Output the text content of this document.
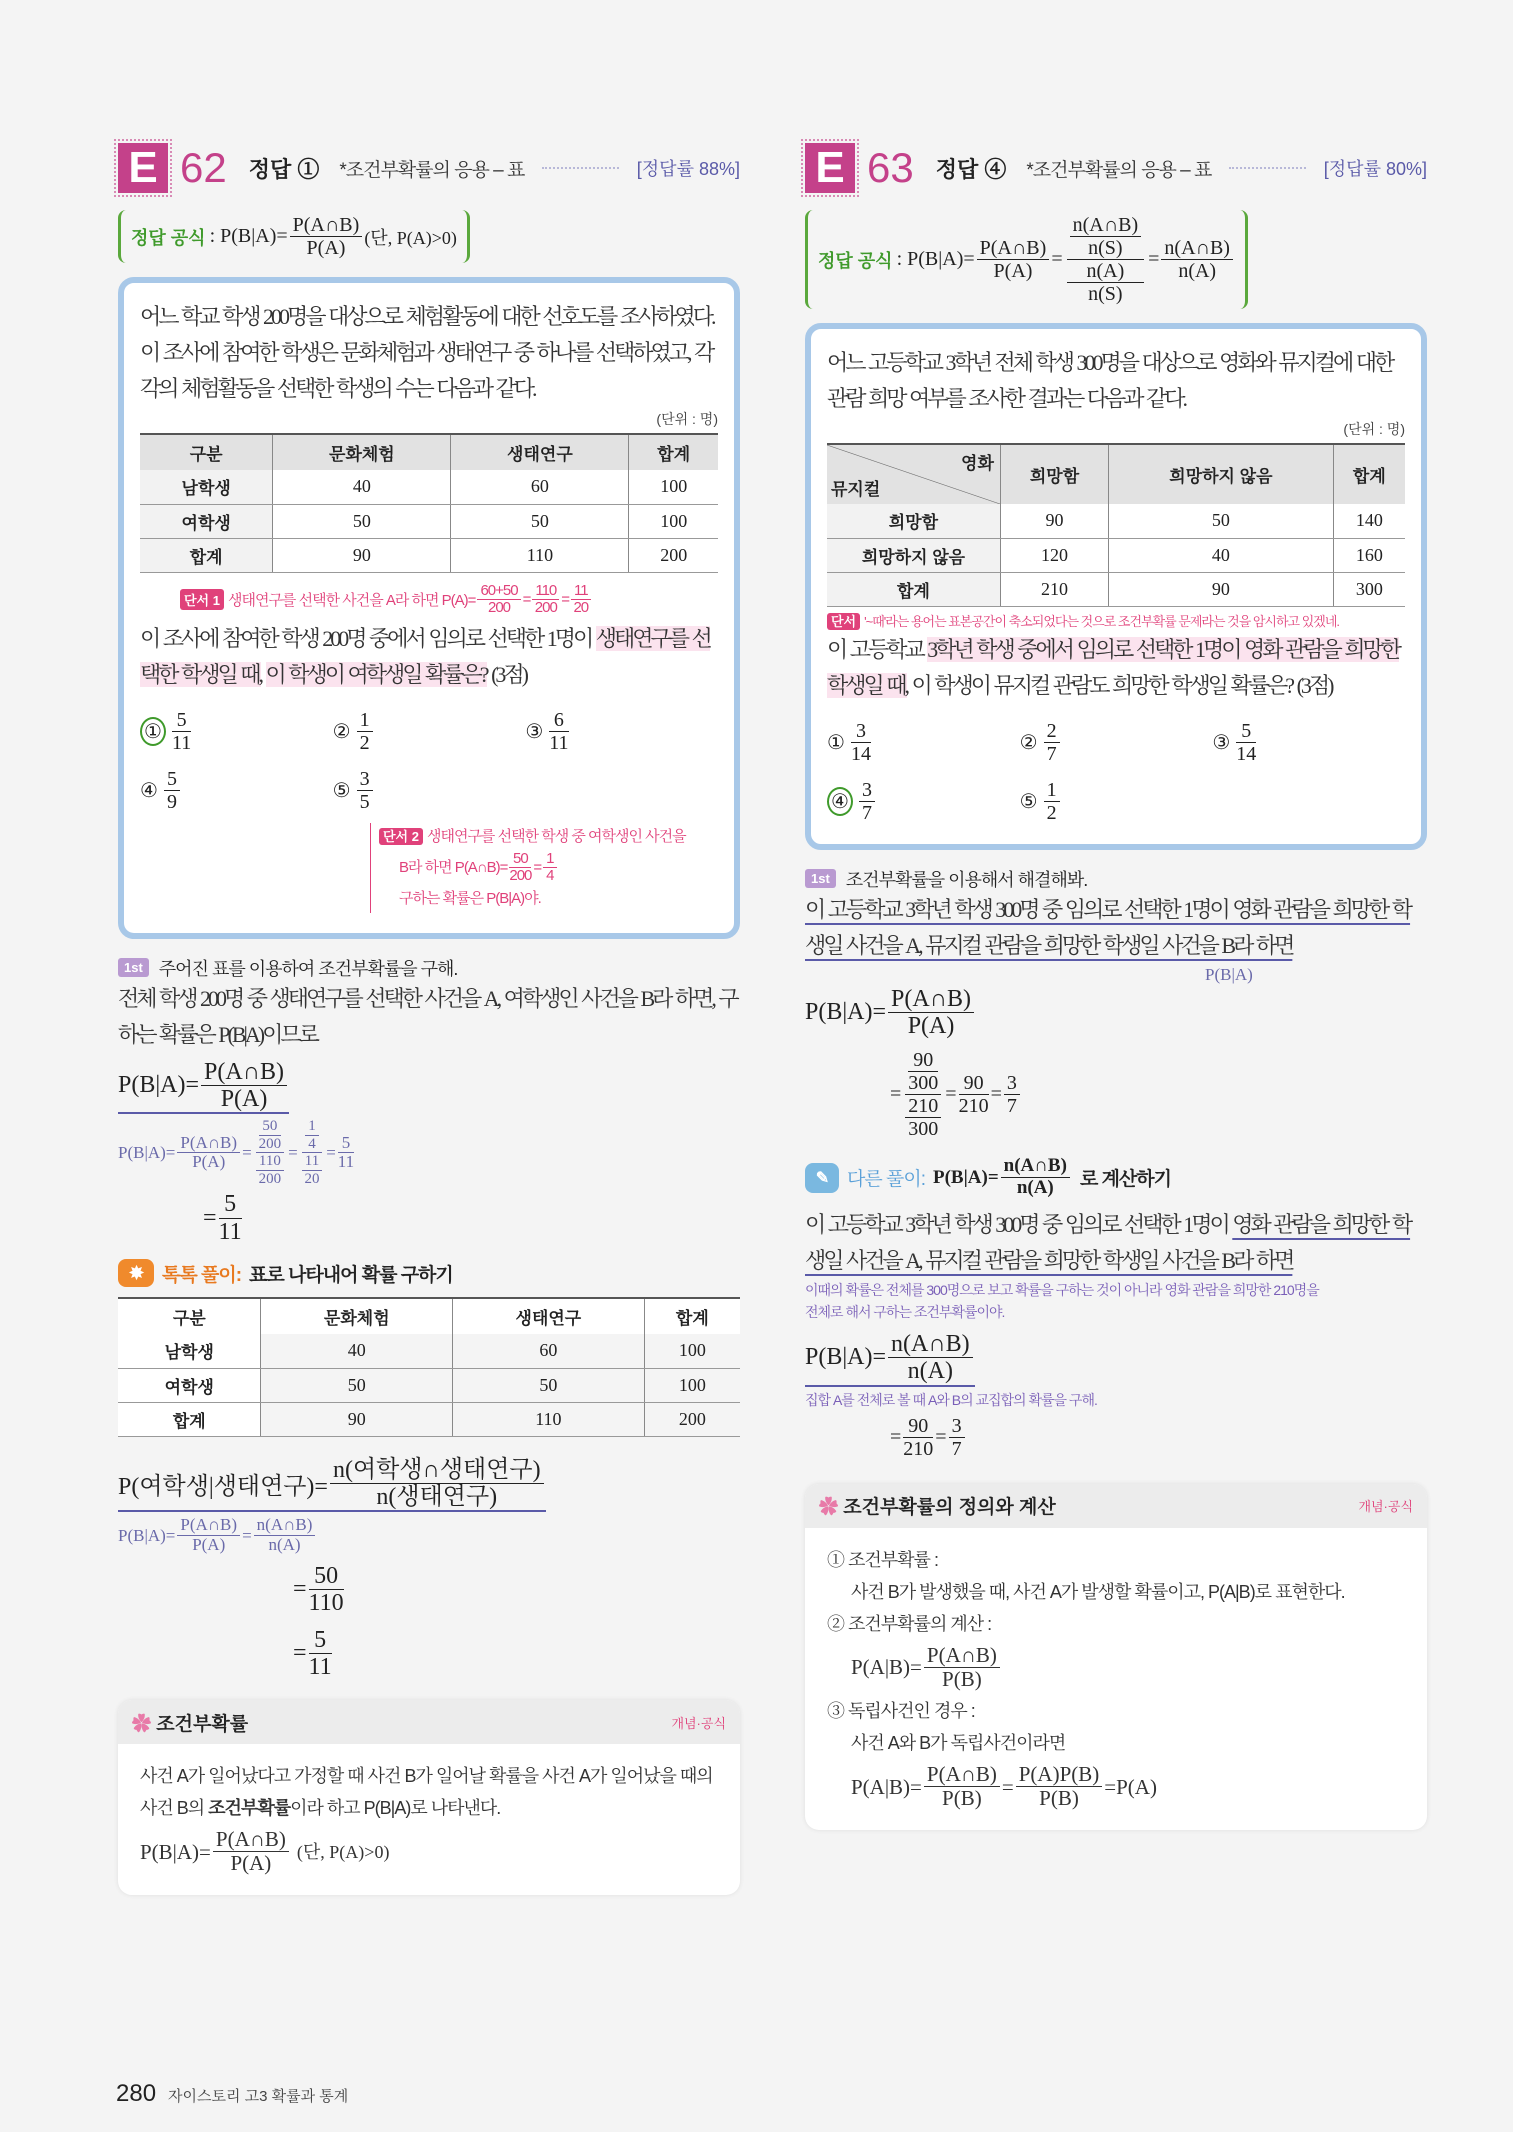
E 62 정답 ① *조건부확률의 응용 – 표	[정답률 88%]
정답 공식 : $P(B|A)= \frac{P(A\cap B)}{P(A)}$ (단, P(A)>0)

어느 학교 학생 200명을 대상으로 체험활동에 대한 선호도를 조사하였다. 이 조사에 참여한 학생은 문화체험과 생태연구 중 하나를 선택하였고, 각각의 체험활동을 선택한 학생의 수는 다음과 같다.

(단위 : 명)
구분	문화체험	생태연구	합계
남학생	40	60	100
여학생	50	50	100
합계	90	110	200
단서 1 생태연구를 선택한 사건을 A라 하면 $P(A)= \frac{60+50}{200} = \frac{110}{200} = \frac{11}{20}$

이 조사에 참여한 학생 200명 중에서 임의로 선택한 1명이 생태연구를 선택한 학생일 때, 이 학생이 여학생일 확률은? (3점)

① $\frac{5}{11}$	② $\frac{1}{2}$	③ $\frac{6}{11}$
④ $\frac{5}{9}$	⑤ $\frac{3}{5}$
단서 2 생태연구를 선택한 학생 중 여학생인 사건을
B라 하면 P(A∩B)= $\frac{50}{200} = \frac{1}{4}$
구하는 확률은 P(B|A)야.
1st 주어진 표를 이용하여 조건부확률을 구해.

전체 학생 200명 중 생태연구를 선택한 사건을 A, 여학생인 사건을 B라 하면, 구하는 확률은 P(B|A)이므로

$P(B|A)= \frac{P(A\cap B)}{P(A)}$
$P(B|A)= \frac{P(A\cap B)}{P(A)} = \frac{\frac{50}{200}}{\frac{110}{200}} = \frac{\frac{1}{4}}{\frac{11}{20}} = \frac{5}{11}$
= $\frac{5}{11}$
✸ 톡톡 풀이: 표로 나타내어 확률 구하기
구분	문화체험	생태연구	합계
남학생	40	60	100
여학생	50	50	100
합계	90	110	200
P(여학생|생태연구)= $\frac{\text{n(여학생∩생태연구)}}{\text{n(생태연구)}}$
$P(B|A)= \frac{P(A\cap B)}{P(A)} = \frac{n(A\cap B)}{n(A)}$
= $\frac{50}{110}$
= $\frac{5}{11}$
✿ 조건부확률	개념·공식

사건 A가 일어났다고 가정할 때 사건 B가 일어날 확률을 사건 A가 일어났을 때의 사건 B의 조건부확률이라 하고 P(B|A)로 나타낸다.

$P(B|A)= \frac{P(A\cap B)}{P(A)}$ (단, P(A)>0)
E 63 정답 ④ *조건부확률의 응용 – 표	[정답률 80%]
정답 공식 : $P(B|A)= \frac{P(A\cap B)}{P(A)} = \frac{\frac{n(A\cap B)}{n(S)}}{\frac{n(A)}{n(S)}} = \frac{n(A\cap B)}{n(A)}$

어느 고등학교 3학년 전체 학생 300명을 대상으로 영화와 뮤지컬에 대한 관람 희망 여부를 조사한 결과는 다음과 같다.

(단위 : 명)
영화
뮤지컬	희망함	희망하지 않음	합계
희망함	90	50	140
희망하지 않음	120	40	160
합계	210	90	300
단서 '~때'라는 용어는 표본공간이 축소되었다는 것으로 조건부확률 문제라는 것을 암시하고 있겠네.

이 고등학교 3학년 학생 중에서 임의로 선택한 1명이 영화 관람을 희망한 학생일 때, 이 학생이 뮤지컬 관람도 희망한 학생일 확률은? (3점)

① $\frac{3}{14}$	② $\frac{2}{7}$	③ $\frac{5}{14}$
④ $\frac{3}{7}$	⑤ $\frac{1}{2}$
1st 조건부확률을 이용해서 해결해봐.

이 고등학교 3학년 학생 300명 중 임의로 선택한 1명이 영화 관람을 희망한 학생일 사건을 A, 뮤지컬 관람을 희망한 학생일 사건을 B라 하면

P(B|A)
$P(B|A)= \frac{P(A\cap B)}{P(A)}$
= $\frac{\frac{90}{300}}{\frac{210}{300}} = \frac{90}{210} = \frac{3}{7}$
✎ 다른 풀이: $P(B|A)= \frac{n(A\cap B)}{n(A)}$ 로 계산하기

이 고등학교 3학년 학생 300명 중 임의로 선택한 1명이 영화 관람을 희망한 학생일 사건을 A, 뮤지컬 관람을 희망한 학생일 사건을 B라 하면

이때의 확률은 전체를 300명으로 보고 확률을 구하는 것이 아니라 영화 관람을 희망한 210명을 전체로 해서 구하는 조건부확률이야.
$P(B|A)= \frac{n(A\cap B)}{n(A)}$
집합 A를 전체로 볼 때 A와 B의 교집합의 확률을 구해.
= $\frac{90}{210} = \frac{3}{7}$
✿ 조건부확률의 정의와 계산	개념·공식
① 조건부확률 :
사건 B가 발생했을 때, 사건 A가 발생할 확률이고, P(A|B)로 표현한다.
② 조건부확률의 계산 :
$P(A|B)= \frac{P(A\cap B)}{P(B)}$
③ 독립사건인 경우 :
사건 A와 B가 독립사건이라면
$P(A|B)= \frac{P(A\cap B)}{P(B)} = \frac{P(A)P(B)}{P(B)} =P(A)$
280 자이스토리 고3 확률과 통계
